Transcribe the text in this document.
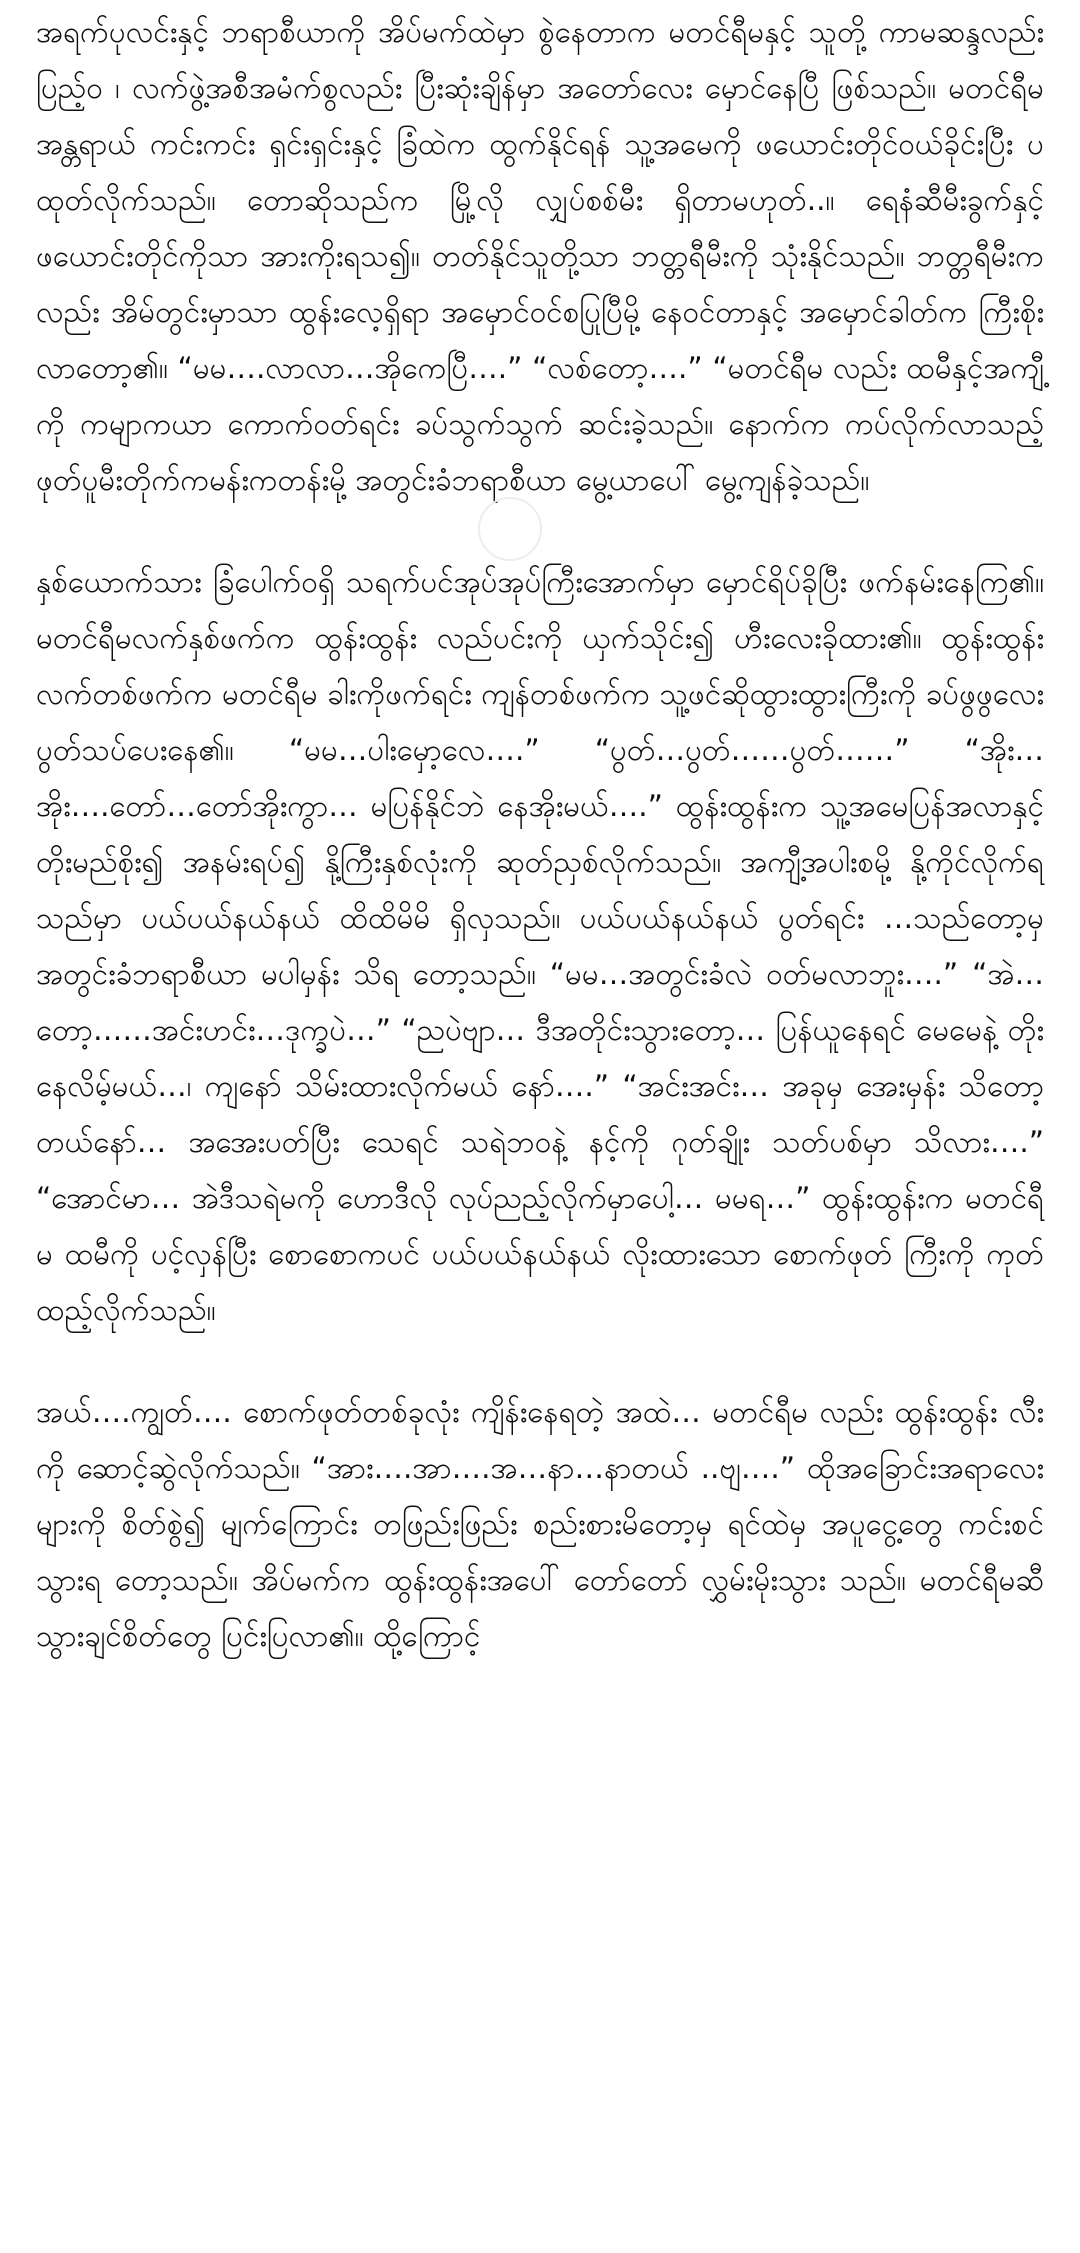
အရက်ပုလင်းနှင့် ဘရာစီယာကို အိပ်မက်ထဲမှာ စွဲနေတာက မတင်ရီမနှင့် သူတို့ ကာမဆန္ဒလည်းပြည့်၀ ၊ လက်ဖွဲ့အစီအမံက်စွလည်း ပြီးဆုံးချိန်မှာ အတော်လေး မှောင်နေပြီ ဖြစ်သည်။ မတင်ရီမ အန္တရာယ် ကင်းကင်း ရှင်းရှင်းနှင့် ခြံထဲက ထွက်နိုင်ရန် သူ့အမေကို ဖယောင်းတိုင်ဝယ်ခိုင်းပြီး ပထုတ်လိုက်သည်။ တောဆိုသည်က မြို့လို လျှပ်စစ်မီး ရှိတာမဟုတ်..။ ရေနံဆီမီးခွက်နှင့် ဖယောင်းတိုင်ကိုသာ အားကိုးရသ၍။ တတ်နိုင်သူတို့သာ ဘတ္တရီမီးကို သုံးနိုင်သည်။ ဘတ္တရီမီးကလည်း အိမ်တွင်းမှာသာ ထွန်းလေ့ရှိရာ အမှောင်ဝင်စပြုပြီမို့ နေဝင်တာနှင့် အမှောင်ခါတ်က ကြီးစိုးလာတော့၏။ “မမ….လာလာ…အိုကေပြီ….” “လစ်တော့….” “မတင်ရီမ လည်း ထမီနှင့်အကျီ့ကို ကမျာကယာ ကောက်ဝတ်ရင်း ခပ်သွက်သွက် ဆင်းခဲ့သည်။ နောက်က ကပ်လိုက်လာသည့် ဖုတ်ပူမီးတိုက်ကမန်းကတန်းမို့ အတွင်းခံဘရာစီယာ မွေ့ယာပေါ် မွေ့ကျန်ခဲ့သည်။

နှစ်ယောက်သား ခြံပေါက်ဝရှိ သရက်ပင်အုပ်အုပ်ကြီးအောက်မှာ မှောင်ရိပ်ခိုပြီး ဖက်နမ်းနေကြ၏။ မတင်ရီမလက်နှစ်ဖက်က ထွန်းထွန်း လည်ပင်းကို ယှက်သိုင်း၍ ဟီးလေးခိုထား၏။ ထွန်းထွန်းလက်တစ်ဖက်က မတင်ရီမ ခါးကိုဖက်ရင်း ကျန်တစ်ဖက်က သူ့ဖင်ဆိုထွားထွားကြီးကို ခပ်ဖွဖွလေး ပွတ်သပ်ပေးနေ၏။ “မမ…ပါးမှော့လေ….” “ပွတ်…ပွတ်……ပွတ်……” “အိုး…အိုး….တော်…တော်အိုးကွာ… မပြန်နိုင်ဘဲ နေအိုးမယ်….” ထွန်းထွန်းက သူ့အမေပြန်အလာနှင့် တိုးမည်စိုး၍ အနမ်းရပ်၍ နို့ကြီးနှစ်လုံးကို ဆုတ်ညှစ်လိုက်သည်။ အကျီ့အပါးစမို့ နို့ကိုင်လိုက်ရ သည်မှာ ပယ်ပယ်နယ်နယ် ထိထိမိမိ ရှိလှသည်။ ပယ်ပယ်နယ်နယ် ပွတ်ရင်း …သည်တော့မှ အတွင်းခံဘရာစီယာ မပါမှန်း သိရ တော့သည်။ “မမ…အတွင်းခံလဲ ဝတ်မလာဘူး….” “အဲ…တော့……အင်းဟင်း…ဒုက္ခပဲ…” “ညပဲဗျာ… ဒီအတိုင်းသွားတော့… ပြန်ယူနေရင် မေမေနဲ့ တိုးနေလိမ့်မယ်…၊ ကျနော် သိမ်းထားလိုက်မယ် နော်….” “အင်းအင်း… အခုမှ အေးမှန်း သိတော့တယ်နော်… အအေးပတ်ပြီး သေရင် သရဲဘဝနဲ့ နင့်ကို ဂုတ်ချိုး သတ်ပစ်မှာ သိလား….” “အောင်မာ… အဲဒီသရဲမကို ဟောဒီလို လုပ်ညည့်လိုက်မှာပေါ့… မမရ…” ထွန်းထွန်းက မတင်ရီမ ထမီကို ပင့်လှန်ပြီး စောစောကပင် ပယ်ပယ်နယ်နယ် လိုးထားသော စောက်ဖုတ် ကြီးကို ကုတ်ထည့်လိုက်သည်။

အယ်….ကျွတ်…. စောက်ဖုတ်တစ်ခုလုံး ကျိန်းနေရတဲ့ အထဲ… မတင်ရီမ လည်း ထွန်းထွန်း လီးကို ဆောင့်ဆွဲလိုက်သည်။ “အား….အာ….အ…နာ…နာတယ် ..ဗျ….” ထိုအခြောင်းအရာလေးများကို စိတ်စွဲ၍ မျက်ကြောင်း တဖြည်းဖြည်း စည်းစားမိတော့မှ ရင်ထဲမှ အပူငွေ့တွေ ကင်းစင်သွားရ တော့သည်။ အိပ်မက်က ထွန်းထွန်းအပေါ် တော်တော် လွှမ်းမိုးသွား သည်။ မတင်ရီမဆီ သွားချင်စိတ်တွေ ပြင်းပြလာ၏။ ထို့ကြောင့်
